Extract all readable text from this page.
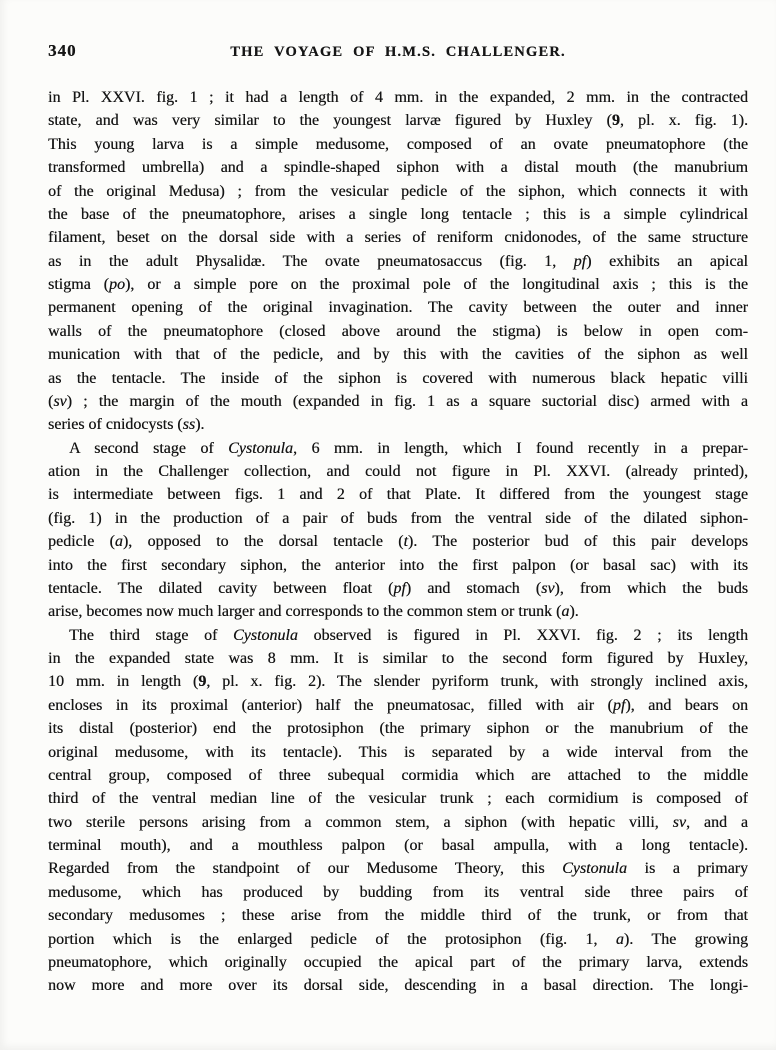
340	THE VOYAGE OF H.M.S. CHALLENGER.
in Pl. XXVI. fig. 1 ; it had a length of 4 mm. in the expanded, 2 mm. in the contracted
state, and was very similar to the youngest larvæ figured by Huxley (9, pl. x. fig. 1).
This young larva is a simple medusome, composed of an ovate pneumatophore (the
transformed umbrella) and a spindle-shaped siphon with a distal mouth (the manubrium
of the original Medusa) ; from the vesicular pedicle of the siphon, which connects it with
the base of the pneumatophore, arises a single long tentacle ; this is a simple cylindrical
filament, beset on the dorsal side with a series of reniform cnidonodes, of the same structure
as in the adult Physalidæ. The ovate pneumatosaccus (fig. 1, pf) exhibits an apical
stigma (po), or a simple pore on the proximal pole of the longitudinal axis ; this is the
permanent opening of the original invagination. The cavity between the outer and inner
walls of the pneumatophore (closed above around the stigma) is below in open com-
munication with that of the pedicle, and by this with the cavities of the siphon as well
as the tentacle. The inside of the siphon is covered with numerous black hepatic villi
(sv) ; the margin of the mouth (expanded in fig. 1 as a square suctorial disc) armed with a
series of cnidocysts (ss).
A second stage of Cystonula, 6 mm. in length, which I found recently in a prepar-
ation in the Challenger collection, and could not figure in Pl. XXVI. (already printed),
is intermediate between figs. 1 and 2 of that Plate. It differed from the youngest stage
(fig. 1) in the production of a pair of buds from the ventral side of the dilated siphon-
pedicle (a), opposed to the dorsal tentacle (t). The posterior bud of this pair develops
into the first secondary siphon, the anterior into the first palpon (or basal sac) with its
tentacle. The dilated cavity between float (pf) and stomach (sv), from which the buds
arise, becomes now much larger and corresponds to the common stem or trunk (a).
The third stage of Cystonula observed is figured in Pl. XXVI. fig. 2 ; its length
in the expanded state was 8 mm. It is similar to the second form figured by Huxley,
10 mm. in length (9, pl. x. fig. 2). The slender pyriform trunk, with strongly inclined axis,
encloses in its proximal (anterior) half the pneumatosac, filled with air (pf), and bears on
its distal (posterior) end the protosiphon (the primary siphon or the manubrium of the
original medusome, with its tentacle). This is separated by a wide interval from the
central group, composed of three subequal cormidia which are attached to the middle
third of the ventral median line of the vesicular trunk ; each cormidium is composed of
two sterile persons arising from a common stem, a siphon (with hepatic villi, sv, and a
terminal mouth), and a mouthless palpon (or basal ampulla, with a long tentacle).
Regarded from the standpoint of our Medusome Theory, this Cystonula is a primary
medusome, which has produced by budding from its ventral side three pairs of
secondary medusomes ; these arise from the middle third of the trunk, or from that
portion which is the enlarged pedicle of the protosiphon (fig. 1, a). The growing
pneumatophore, which originally occupied the apical part of the primary larva, extends
now more and more over its dorsal side, descending in a basal direction. The longi-
